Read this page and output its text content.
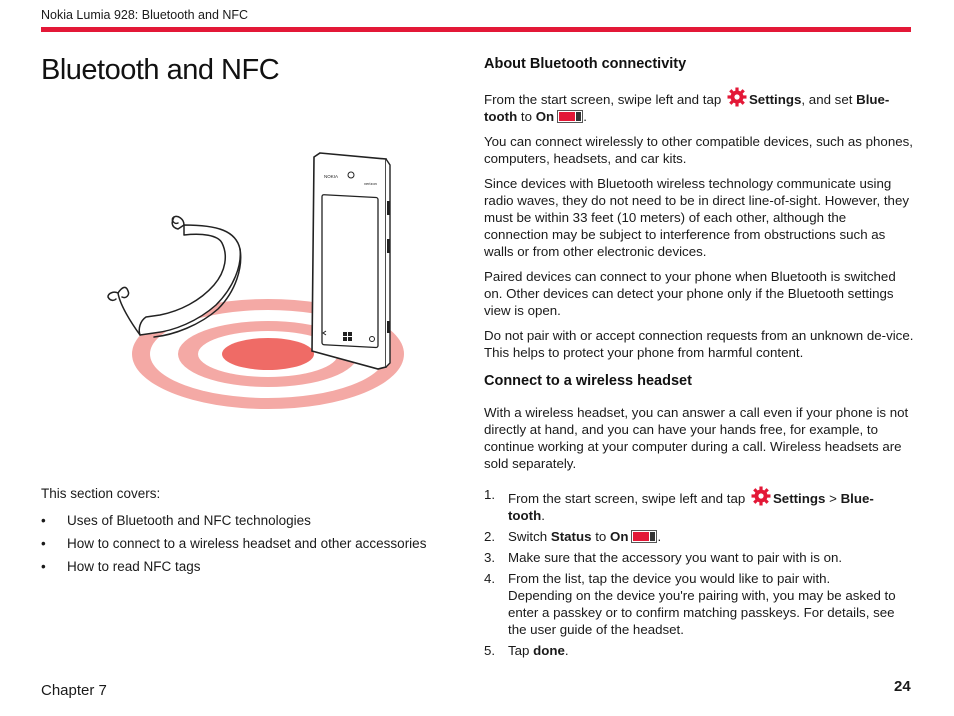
Nokia Lumia 928: Bluetooth and NFC
Bluetooth and NFC
NOKIA
verizon

This section covers:

• Uses of Bluetooth and NFC technologies
• How to connect to a wireless headset and other accessories
• How to read NFC tags
About Bluetooth connectivity

From the start screen, swipe left and tap Settings, and set Blue-
tooth to On .

You can connect wirelessly to other compatible devices, such as phones, computers, headsets, and car kits.

Since devices with Bluetooth wireless technology communicate using radio waves, they do not need to be in direct line-of-sight. However, they must be within 33 feet (10 meters) of each other, although the connection may be subject to interference from obstructions such as walls or from other electronic devices.

Paired devices can connect to your phone when Bluetooth is switched on. Other devices can detect your phone only if the Bluetooth settings view is open.

Do not pair with or accept connection requests from an unknown de-vice. This helps to protect your phone from harmful content.

Connect to a wireless headset

With a wireless headset, you can answer a call even if your phone is not directly at hand, and you can have your hands free, for example, to continue working at your computer during a call. Wireless headsets are sold separately.

1. From the start screen, swipe left and tap Settings > Blue-
tooth.
2. Switch Status to On .
3. Make sure that the accessory you want to pair with is on.
4. From the list, tap the device you would like to pair with.
Depending on the device you're pairing with, you may be asked to enter a passkey or to confirm matching passkeys. For details, see the user guide of the headset.
5. Tap done.
Chapter 7	24
